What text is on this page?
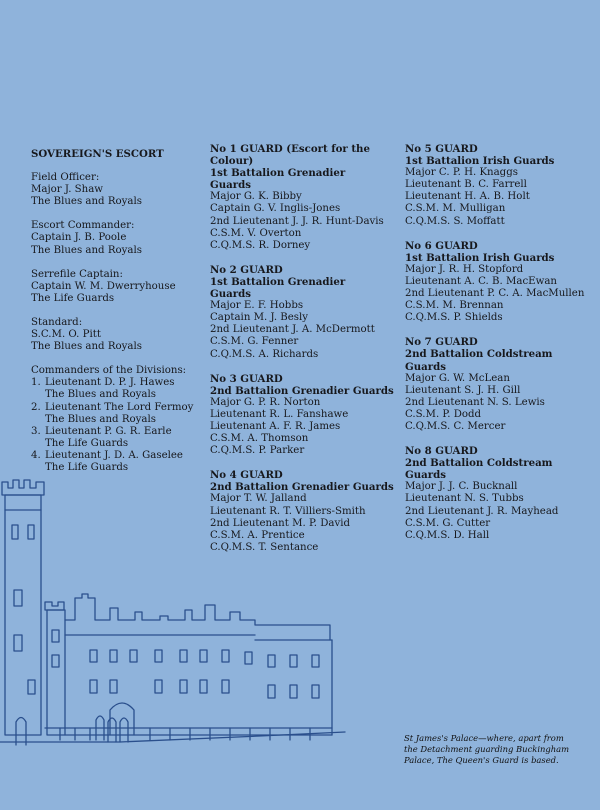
SOVEREIGN'S ESCORT
Field Officer:
Major J. Shaw
The Blues and Royals
Escort Commander:
Captain J. B. Poole
The Blues and Royals
Serrefile Captain:
Captain W. M. Dwerryhouse
The Life Guards
Standard:
S.C.M. O. Pitt
The Blues and Royals
Commanders of the Divisions:
1. Lieutenant D. P. J. Hawes
The Blues and Royals
2. Lieutenant The Lord Fermoy
The Blues and Royals
3. Lieutenant P. G. R. Earle
The Life Guards
4. Lieutenant J. D. A. Gaselee
The Life Guards
No 1 GUARD (Escort for the
Colour)
1st Battalion Grenadier
Guards
Major G. K. Bibby
Captain G. V. Inglis-Jones
2nd Lieutenant J. J. R. Hunt-Davis
C.S.M. V. Overton
C.Q.M.S. R. Dorney
No 2 GUARD
1st Battalion Grenadier
Guards
Major E. F. Hobbs
Captain M. J. Besly
2nd Lieutenant J. A. McDermott
C.S.M. G. Fenner
C.Q.M.S. A. Richards
No 3 GUARD
2nd Battalion Grenadier Guards
Major G. P. R. Norton
Lieutenant R. L. Fanshawe
Lieutenant A. F. R. James
C.S.M. A. Thomson
C.Q.M.S. P. Parker
No 4 GUARD
2nd Battalion Grenadier Guards
Major T. W. Jalland
Lieutenant R. T. Villiers-Smith
2nd Lieutenant M. P. David
C.S.M. A. Prentice
C.Q.M.S. T. Sentance
No 5 GUARD
1st Battalion Irish Guards
Major C. P. H. Knaggs
Lieutenant B. C. Farrell
Lieutenant H. A. B. Holt
C.S.M. M. Mulligan
C.Q.M.S. S. Moffatt
No 6 GUARD
1st Battalion Irish Guards
Major J. R. H. Stopford
Lieutenant A. C. B. MacEwan
2nd Lieutenant P. C. A. MacMullen
C.S.M. M. Brennan
C.Q.M.S. P. Shields
No 7 GUARD
2nd Battalion Coldstream
Guards
Major G. W. McLean
Lieutenant S. J. H. Gill
2nd Lieutenant N. S. Lewis
C.S.M. P. Dodd
C.Q.M.S. C. Mercer
No 8 GUARD
2nd Battalion Coldstream
Guards
Major J. J. C. Bucknall
Lieutenant N. S. Tubbs
2nd Lieutenant J. R. Mayhead
C.S.M. G. Cutter
C.Q.M.S. D. Hall
St James's Palace—where, apart from
the Detachment guarding Buckingham
Palace, The Queen's Guard is based.
